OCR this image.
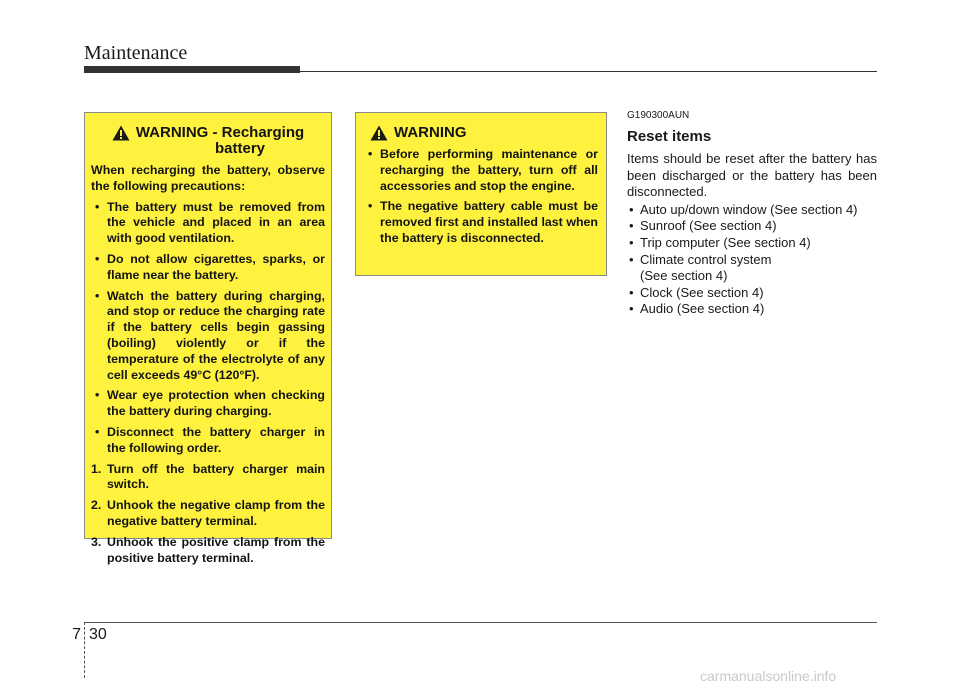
Maintenance
WARNING - Recharging
battery

When recharging the battery, observe the following precautions:

• The battery must be removed from the vehicle and placed in an area with good ventilation.
• Do not allow cigarettes, sparks, or flame near the battery.
• Watch the battery during charging, and stop or reduce the charging rate if the battery cells begin gassing (boiling) violently or if the temperature of the electrolyte of any cell exceeds 49°C (120°F).
• Wear eye protection when checking the battery during charging.
• Disconnect the battery charger in the following order.
1. Turn off the battery charger main switch.
2. Unhook the negative clamp from the negative battery terminal.
3. Unhook the positive clamp from the positive battery terminal.
WARNING
• Before performing maintenance or recharging the battery, turn off all accessories and stop the engine.
• The negative battery cable must be removed first and installed last when the battery is disconnected.
G190300AUN
Reset items
Items should be reset after the battery has been discharged or the battery has been disconnected.
• Auto up/down window (See section 4)
• Sunroof (See section 4)
• Trip computer (See section 4)
• Climate control system
(See section 4)
• Clock (See section 4)
• Audio (See section 4)
7 30
carmanualsonline.info
